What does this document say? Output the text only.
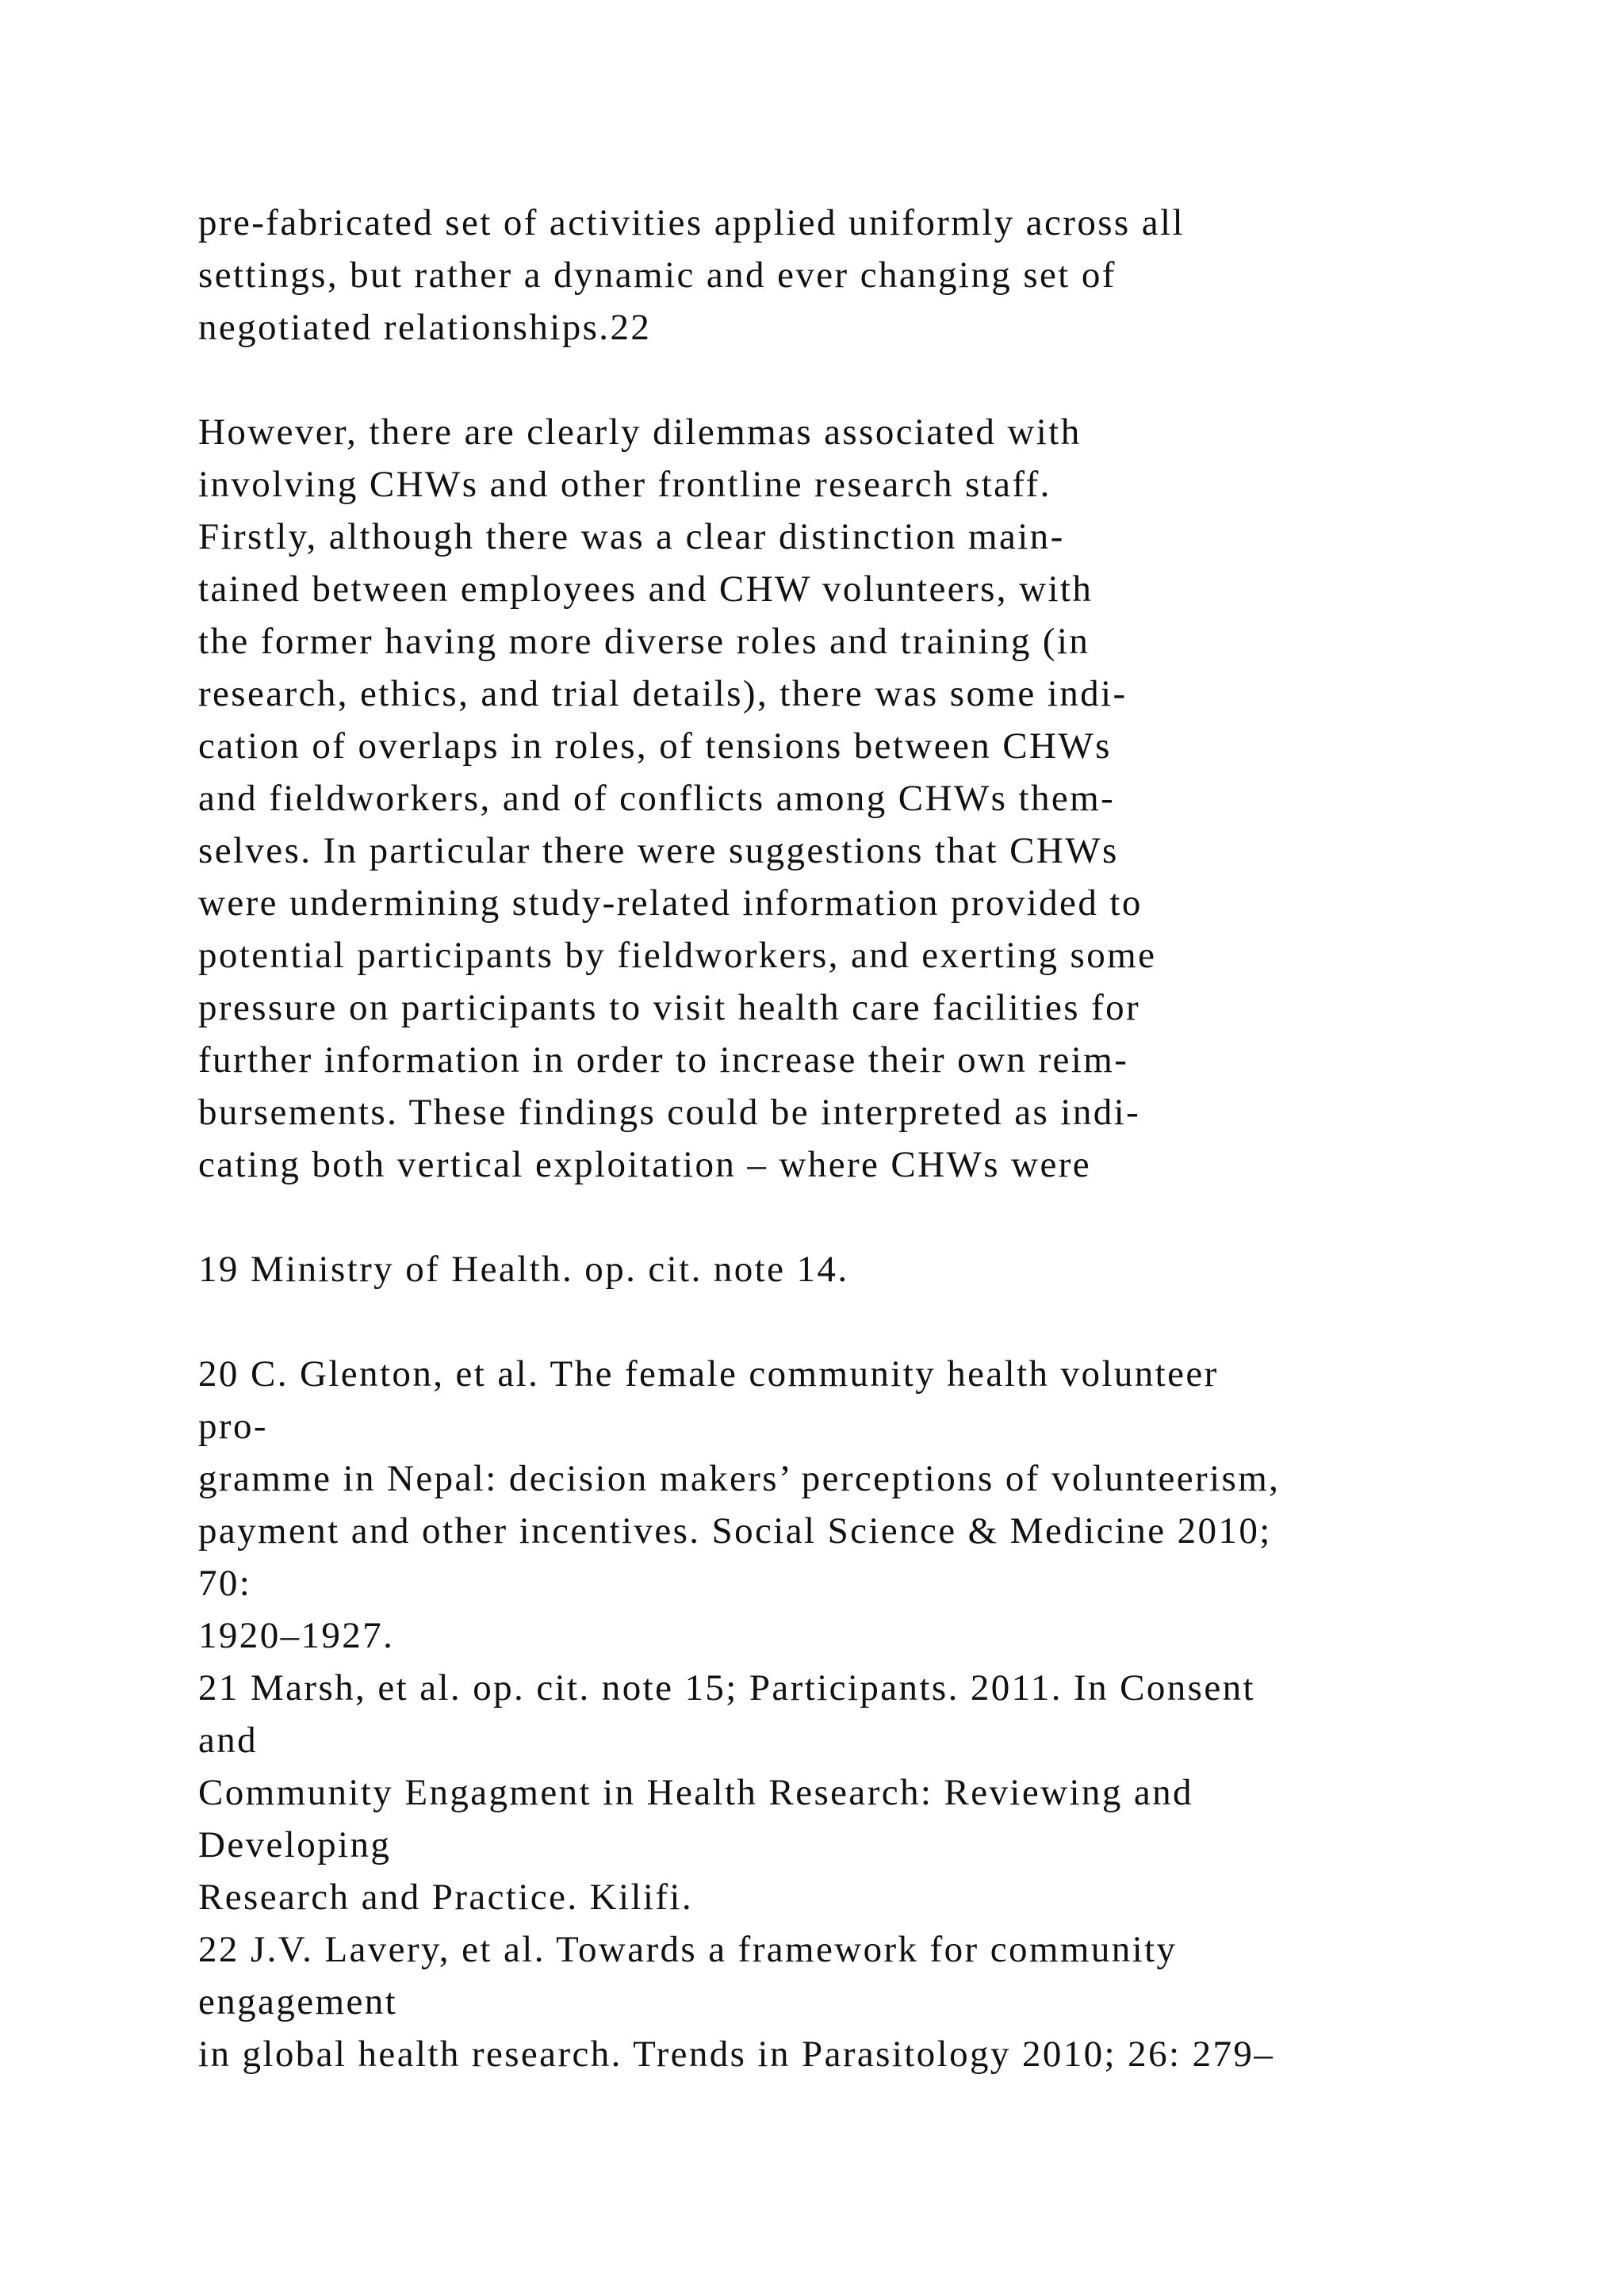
pre-fabricated set of activities applied uniformly across all
settings, but rather a dynamic and ever changing set of
negotiated relationships.22
However, there are clearly dilemmas associated with
involving CHWs and other frontline research staff.
Firstly, although there was a clear distinction main-
tained between employees and CHW volunteers, with
the former having more diverse roles and training (in
research, ethics, and trial details), there was some indi-
cation of overlaps in roles, of tensions between CHWs
and fieldworkers, and of conflicts among CHWs them-
selves. In particular there were suggestions that CHWs
were undermining study-related information provided to
potential participants by fieldworkers, and exerting some
pressure on participants to visit health care facilities for
further information in order to increase their own reim-
bursements. These findings could be interpreted as indi-
cating both vertical exploitation – where CHWs were
19 Ministry of Health. op. cit. note 14.
20 C. Glenton, et al. The female community health volunteer
pro-
gramme in Nepal: decision makers’ perceptions of volunteerism,
payment and other incentives. Social Science & Medicine 2010;
70:
1920–1927.
21 Marsh, et al. op. cit. note 15; Participants. 2011. In Consent
and
Community Engagment in Health Research: Reviewing and
Developing
Research and Practice. Kilifi.
22 J.V. Lavery, et al. Towards a framework for community
engagement
in global health research. Trends in Parasitology 2010; 26: 279–
